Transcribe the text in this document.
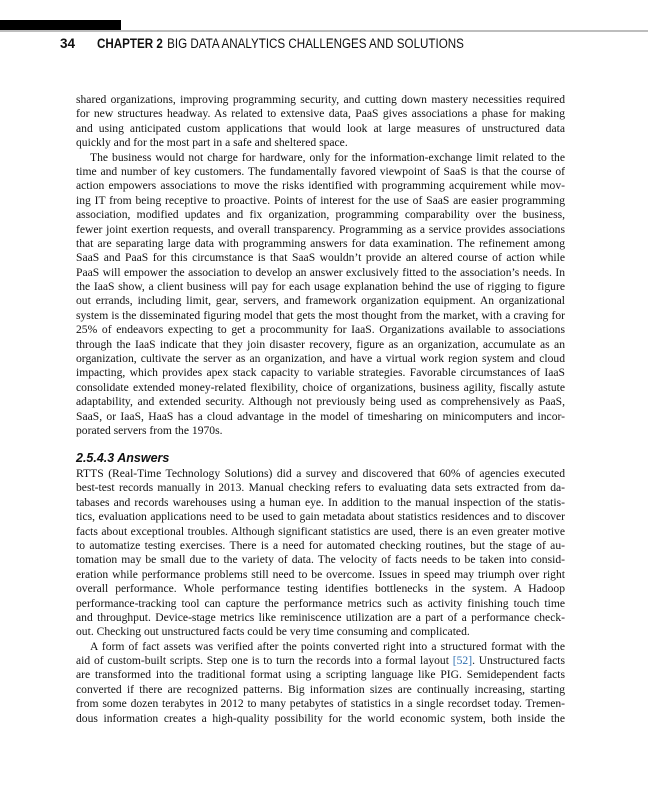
34 CHAPTER 2 BIG DATA ANALYTICS CHALLENGES AND SOLUTIONS
shared organizations, improving programming security, and cutting down mastery necessities required
for new structures headway. As related to extensive data, PaaS gives associations a phase for making
and using anticipated custom applications that would look at large measures of unstructured data
quickly and for the most part in a safe and sheltered space.
The business would not charge for hardware, only for the information-exchange limit related to the
time and number of key customers. The fundamentally favored viewpoint of SaaS is that the course of
action empowers associations to move the risks identified with programming acquirement while mov-
ing IT from being receptive to proactive. Points of interest for the use of SaaS are easier programming
association, modified updates and fix organization, programming comparability over the business,
fewer joint exertion requests, and overall transparency. Programming as a service provides associations
that are separating large data with programming answers for data examination. The refinement among
SaaS and PaaS for this circumstance is that SaaS wouldn’t provide an altered course of action while
PaaS will empower the association to develop an answer exclusively fitted to the association’s needs. In
the IaaS show, a client business will pay for each usage explanation behind the use of rigging to figure
out errands, including limit, gear, servers, and framework organization equipment. An organizational
system is the disseminated figuring model that gets the most thought from the market, with a craving for
25% of endeavors expecting to get a procommunity for IaaS. Organizations available to associations
through the IaaS indicate that they join disaster recovery, figure as an organization, accumulate as an
organization, cultivate the server as an organization, and have a virtual work region system and cloud
impacting, which provides apex stack capacity to variable strategies. Favorable circumstances of IaaS
consolidate extended money-related flexibility, choice of organizations, business agility, fiscally astute
adaptability, and extended security. Although not previously being used as comprehensively as PaaS,
SaaS, or IaaS, HaaS has a cloud advantage in the model of timesharing on minicomputers and incor-
porated servers from the 1970s.
2.5.4.3 Answers
RTTS (Real-Time Technology Solutions) did a survey and discovered that 60% of agencies executed
best-test records manually in 2013. Manual checking refers to evaluating data sets extracted from da-
tabases and records warehouses using a human eye. In addition to the manual inspection of the statis-
tics, evaluation applications need to be used to gain metadata about statistics residences and to discover
facts about exceptional troubles. Although significant statistics are used, there is an even greater motive
to automatize testing exercises. There is a need for automated checking routines, but the stage of au-
tomation may be small due to the variety of data. The velocity of facts needs to be taken into consid-
eration while performance problems still need to be overcome. Issues in speed may triumph over right
overall performance. Whole performance testing identifies bottlenecks in the system. A Hadoop
performance-tracking tool can capture the performance metrics such as activity finishing touch time
and throughput. Device-stage metrics like reminiscence utilization are a part of a performance check-
out. Checking out unstructured facts could be very time consuming and complicated.
A form of fact assets was verified after the points converted right into a structured format with the
aid of custom-built scripts. Step one is to turn the records into a formal layout [52]. Unstructured facts
are transformed into the traditional format using a scripting language like PIG. Semidependent facts
converted if there are recognized patterns. Big information sizes are continually increasing, starting
from some dozen terabytes in 2012 to many petabytes of statistics in a single recordset today. Tremen-
dous information creates a high-quality possibility for the world economic system, both inside the
